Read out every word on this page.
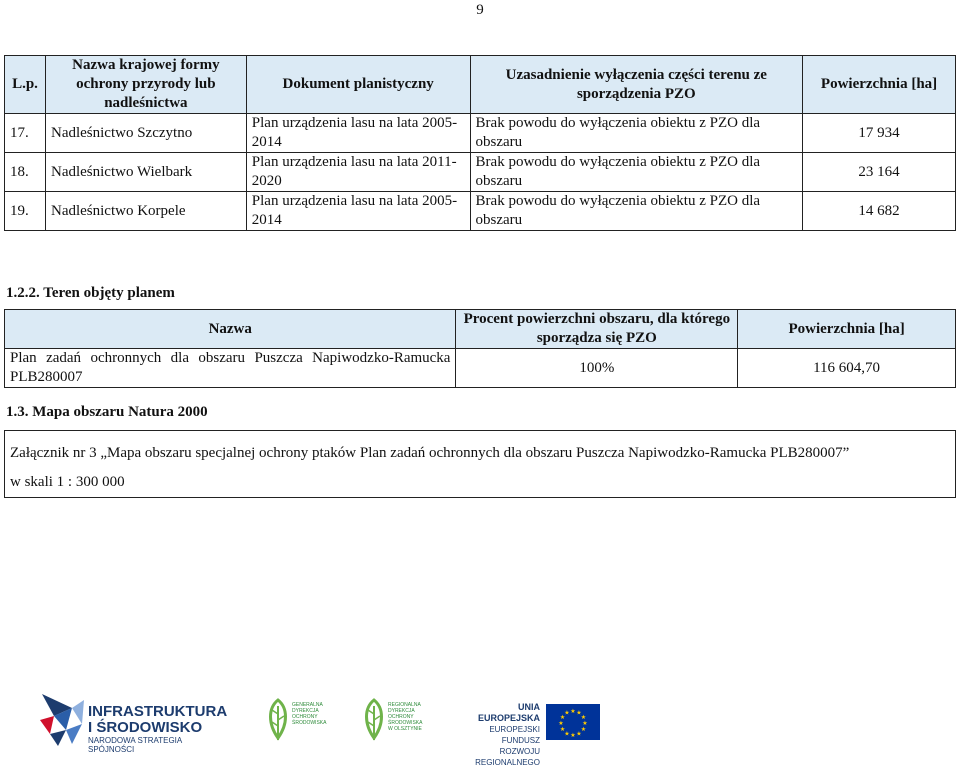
9
L.p.	Nazwa krajowej formy ochrony przyrody lub nadleśnictwa	Dokument planistyczny	Uzasadnienie wyłączenia części terenu ze sporządzenia PZO	Powierzchnia [ha]
17.	Nadleśnictwo Szczytno	Plan urządzenia lasu na lata 2005-2014	Brak powodu do wyłączenia obiektu z PZO dla obszaru	17 934
18.	Nadleśnictwo Wielbark	Plan urządzenia lasu na lata 2011-2020	Brak powodu do wyłączenia obiektu z PZO dla obszaru	23 164
19.	Nadleśnictwo Korpele	Plan urządzenia lasu na lata 2005-2014	Brak powodu do wyłączenia obiektu z PZO dla obszaru	14 682
1.2.2. Teren objęty planem
Nazwa	Procent powierzchni obszaru, dla którego sporządza się PZO	Powierzchnia [ha]
Plan zadań ochronnych dla obszaru Puszcza Napiwodzko-Ramucka PLB280007	100%	116 604,70
1.3. Mapa obszaru Natura 2000
Załącznik nr 3 „Mapa obszaru specjalnej ochrony ptaków Plan zadań ochronnych dla obszaru Puszcza Napiwodzko-Ramucka PLB280007”
w skali 1 : 300 000
INFRASTRUKTURA
I ŚRODOWISKO
NARODOWA STRATEGIA SPÓJNOŚCI
GENERALNA DYREKCJA OCHRONY ŚRODOWISKA
REGIONALNA DYREKCJA OCHRONY ŚRODOWISKA W OLSZTYNIE
UNIA EUROPEJSKA
EUROPEJSKI FUNDUSZ
ROZWOJU REGIONALNEGO
★ ★
★
★
★
★
★
★
★
★
★
★
